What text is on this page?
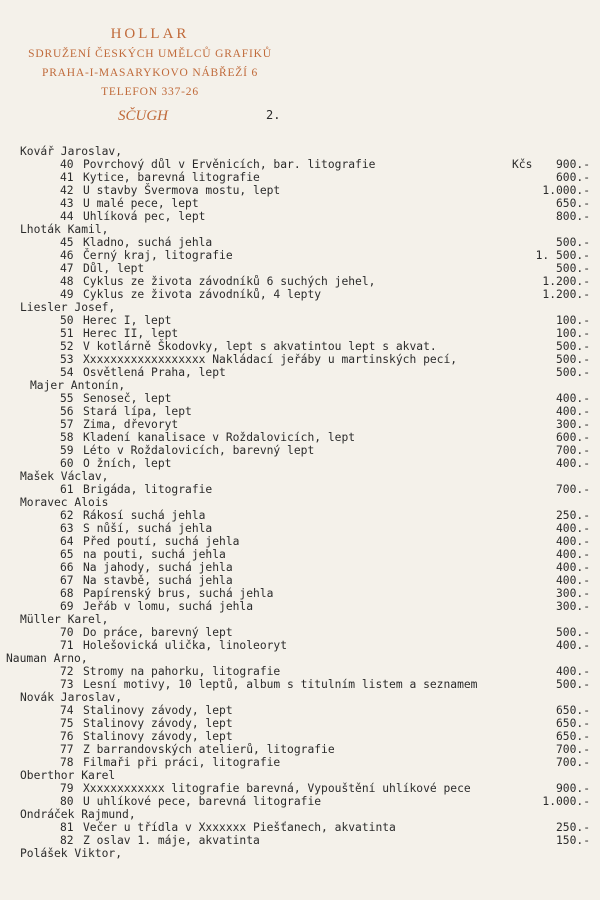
HOLLAR
SDRUŽENÍ ČESKÝCH UMĚLCŮ GRAFIKŮ
PRAHA-I-MASARYKOVO NÁBŘEŽÍ 6
TELEFON 337-26
SČUGH	2.
Kovář Jaroslav,
40 Povrchový důl v Ervěnicích, bar. litografie	Kčs 900.-
41 Kytice, barevná litografie	600.-
42 U stavby Švermova mostu, lept	1.000.-
43 U malé pece, lept	650.-
44 Uhlíková pec, lept	800.-
Lhoták Kamil,
45 Kladno, suchá jehla	500.-
46 Černý kraj, litografie	1. 500.-
47 Důl, lept	500.-
48 Cyklus ze života závodníků 6 suchých jehel,	1.200.-
49 Cyklus ze života závodníků, 4 lepty	1.200.-
Liesler Josef,
50 Herec I, lept	100.-
51 Herec II, lept	100.-
52 V kotlárně Škodovky, lept s akvatintou lept s akvat.	500.-
53 Xxxxxxxxxxxxxxxxxx Nakládací jeřáby u martinských pecí,	500.-
54 Osvětlená Praha, lept	500.-
Majer Antonín,
55 Senoseč, lept	400.-
56 Stará lípa, lept	400.-
57 Zima, dřevoryt	300.-
58 Kladení kanalisace v Roždalovicích, lept	600.-
59 Léto v Roždalovicích, barevný lept	700.-
60 O žních, lept	400.-
Mašek Václav,
61 Brigáda, litografie	700.-
Moravec Alois
62 Rákosí suchá jehla	250.-
63 S nůší, suchá jehla	400.-
64 Před poutí, suchá jehla	400.-
65 na pouti, suchá jehla	400.-
66 Na jahody, suchá jehla	400.-
67 Na stavbě, suchá jehla	400.-
68 Papírenský brus, suchá jehla	300.-
69 Jeřáb v lomu, suchá jehla	300.-
Müller Karel,
70 Do práce, barevný lept	500.-
71 Holešovická ulička, linoleoryt	400.-
Nauman Arno,
72 Stromy na pahorku, litografie	400.-
73 Lesní motivy, 10 leptů, album s titulním listem a seznamem	500.-
Novák Jaroslav,
74 Stalinovy závody, lept	650.-
75 Stalinovy závody, lept	650.-
76 Stalinovy závody, lept	650.-
77 Z barrandovských atelierů, litografie	700.-
78 Filmaři při práci, litografie	700.-
Oberthor Karel
79 Xxxxxxxxxxxx litografie barevná, Vypouštění uhlíkové pece	900.-
80 U uhlíkové pece, barevná litografie	1.000.-
Ondráček Rajmund,
81 Večer u třídla v Xxxxxxx Piešťanech, akvatinta	250.-
82 Z oslav 1. máje, akvatinta	150.-
Polášek Viktor,
